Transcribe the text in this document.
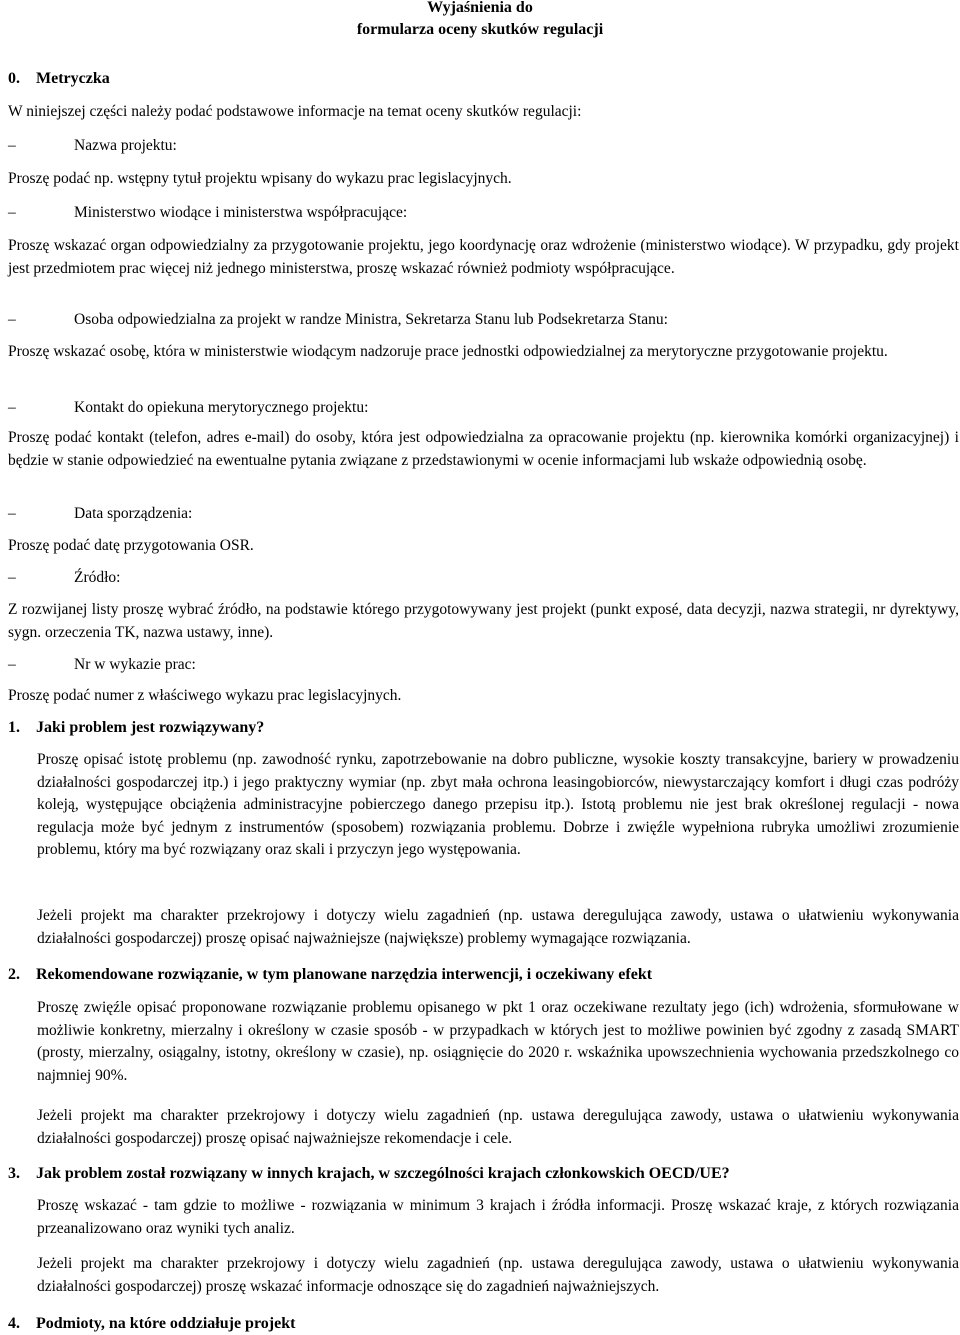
Wyjaśnienia do
formularza oceny skutków regulacji
0. Metryczka
W niniejszej części należy podać podstawowe informacje na temat oceny skutków regulacji:
–	Nazwa projektu:
Proszę podać np. wstępny tytuł projektu wpisany do wykazu prac legislacyjnych.
–	Ministerstwo wiodące i ministerstwa współpracujące:
Proszę wskazać organ odpowiedzialny za przygotowanie projektu, jego koordynację oraz wdrożenie (ministerstwo wiodące). W przypadku, gdy projekt jest przedmiotem prac więcej niż jednego ministerstwa, proszę wskazać również podmioty współpracujące.
–	Osoba odpowiedzialna za projekt w randze Ministra, Sekretarza Stanu lub Podsekretarza Stanu:
Proszę wskazać osobę, która w ministerstwie wiodącym nadzoruje prace jednostki odpowiedzialnej za merytoryczne przygotowanie projektu.
–	Kontakt do opiekuna merytorycznego projektu:
Proszę podać kontakt (telefon, adres e-mail) do osoby, która jest odpowiedzialna za opracowanie projektu (np. kierownika komórki organizacyjnej) i będzie w stanie odpowiedzieć na ewentualne pytania związane z przedstawionymi w ocenie informacjami lub wskaże odpowiednią osobę.
–	Data sporządzenia:
Proszę podać datę przygotowania OSR.
–	Źródło:
Z rozwijanej listy proszę wybrać źródło, na podstawie którego przygotowywany jest projekt (punkt exposé, data decyzji, nazwa strategii, nr dyrektywy, sygn. orzeczenia TK, nazwa ustawy, inne).
–	Nr w wykazie prac:
Proszę podać numer z właściwego wykazu prac legislacyjnych.
1. Jaki problem jest rozwiązywany?
Proszę opisać istotę problemu (np. zawodność rynku, zapotrzebowanie na dobro publiczne, wysokie koszty transakcyjne, bariery w prowadzeniu działalności gospodarczej itp.) i jego praktyczny wymiar (np. zbyt mała ochrona leasingobiorców, niewystarczający komfort i długi czas podróży koleją, występujące obciążenia administracyjne pobierczego danego przepisu itp.). Istotą problemu nie jest brak określonej regulacji - nowa regulacja może być jednym z instrumentów (sposobem) rozwiązania problemu. Dobrze i zwięźle wypełniona rubryka umożliwi zrozumienie problemu, który ma być rozwiązany oraz skali i przyczyn jego występowania.
Jeżeli projekt ma charakter przekrojowy i dotyczy wielu zagadnień (np. ustawa deregulująca zawody, ustawa o ułatwieniu wykonywania działalności gospodarczej) proszę opisać najważniejsze (największe) problemy wymagające rozwiązania.
2. Rekomendowane rozwiązanie, w tym planowane narzędzia interwencji, i oczekiwany efekt
Proszę zwięźle opisać proponowane rozwiązanie problemu opisanego w pkt 1 oraz oczekiwane rezultaty jego (ich) wdrożenia, sformułowane w możliwie konkretny, mierzalny i określony w czasie sposób - w przypadkach w których jest to możliwe powinien być zgodny z zasadą SMART (prosty, mierzalny, osiągalny, istotny, określony w czasie), np. osiągnięcie do 2020 r. wskaźnika upowszechnienia wychowania przedszkolnego co najmniej 90%.
Jeżeli projekt ma charakter przekrojowy i dotyczy wielu zagadnień (np. ustawa deregulująca zawody, ustawa o ułatwieniu wykonywania działalności gospodarczej) proszę opisać najważniejsze rekomendacje i cele.
3. Jak problem został rozwiązany w innych krajach, w szczególności krajach członkowskich OECD/UE?
Proszę wskazać - tam gdzie to możliwe - rozwiązania w minimum 3 krajach i źródła informacji. Proszę wskazać kraje, z których rozwiązania przeanalizowano oraz wyniki tych analiz.
Jeżeli projekt ma charakter przekrojowy i dotyczy wielu zagadnień (np. ustawa deregulująca zawody, ustawa o ułatwieniu wykonywania działalności gospodarczej) proszę wskazać informacje odnoszące się do zagadnień najważniejszych.
4. Podmioty, na które oddziałuje projekt
